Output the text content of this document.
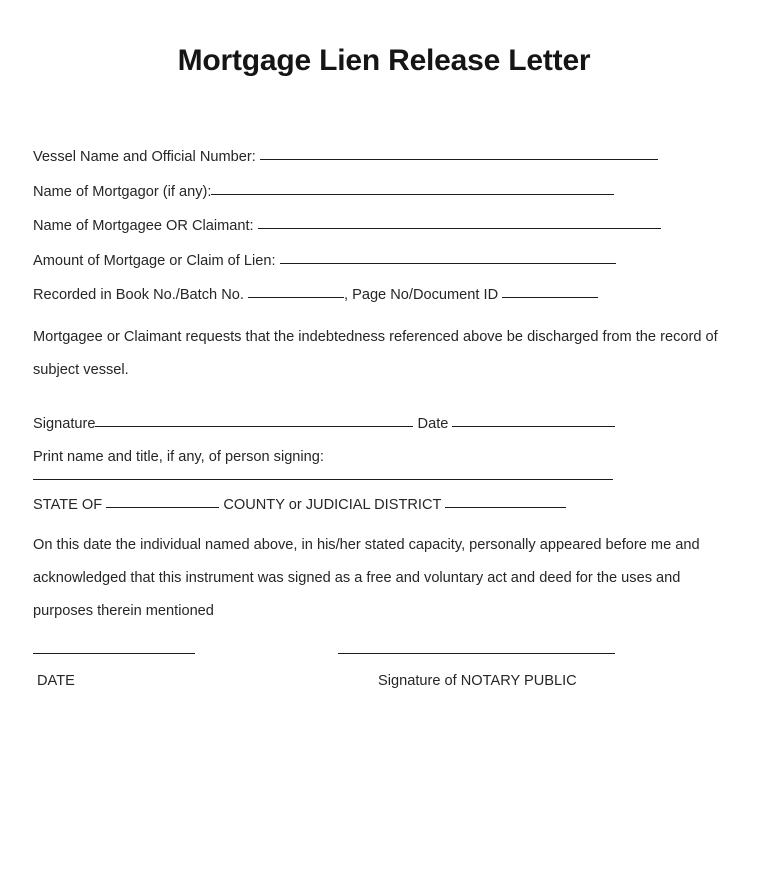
Mortgage Lien Release Letter
Vessel Name and Official Number:
Name of Mortgagor (if any):
Name of Mortgagee OR Claimant:
Amount of Mortgage or Claim of Lien:
Recorded in Book No./Batch No.	, Page No/Document ID
Mortgagee or Claimant requests that the indebtedness referenced above be discharged from the record of subject vessel.
Signature	Date
Print name and title, if any, of person signing:
STATE OF	COUNTY or JUDICIAL DISTRICT
On this date the individual named above, in his/her stated capacity, personally appeared before me and acknowledged that this instrument was signed as a free and voluntary act and deed for the uses and purposes therein mentioned
DATE	Signature of NOTARY PUBLIC
